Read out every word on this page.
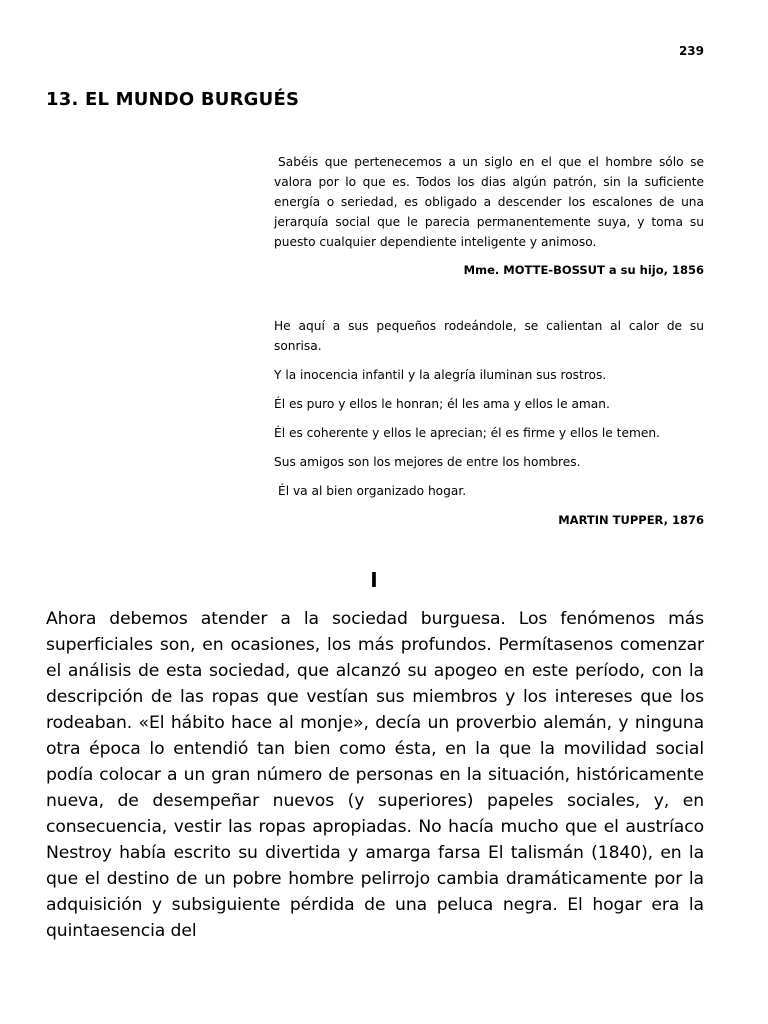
239
13. EL MUNDO BURGUÉS

Sabéis que pertenecemos a un siglo en el que el hombre sólo se valora por lo que es. Todos los dias algún patrón, sin la suficiente energía o seriedad, es obligado a descender los escalones de una jerarquía social que le parecia permanentemente suya, y toma su puesto cualquier dependiente inteligente y animoso.

Mme. MOTTE-BOSSUT a su hijo, 1856

He aquí a sus pequeños rodeándole, se calientan al calor de su sonrisa.

Y la inocencia infantil y la alegría iluminan sus rostros.

Él es puro y ellos le honran; él les ama y ellos le aman.

Él es coherente y ellos le aprecian; él es firme y ellos le temen.

Sus amigos son los mejores de entre los hombres.

Él va al bien organizado hogar.

MARTIN TUPPER, 1876

I

Ahora debemos atender a la sociedad burguesa. Los fenómenos más superficiales son, en ocasiones, los más profundos. Permítasenos comenzar el análisis de esta sociedad, que alcanzó su apogeo en este período, con la descripción de las ropas que vestían sus miembros y los intereses que los rodeaban. «El hábito hace al monje», decía un proverbio alemán, y ninguna otra época lo entendió tan bien como ésta, en la que la movilidad social podía colocar a un gran número de personas en la situación, históricamente nueva, de desempeñar nuevos (y superiores) papeles sociales, y, en consecuencia, vestir las ropas apropiadas. No hacía mucho que el austríaco Nestroy había escrito su divertida y amarga farsa El talismán (1840), en la que el destino de un pobre hombre pelirrojo cambia dramáticamente por la adquisición y subsiguiente pérdida de una peluca negra. El hogar era la quintaesencia del
